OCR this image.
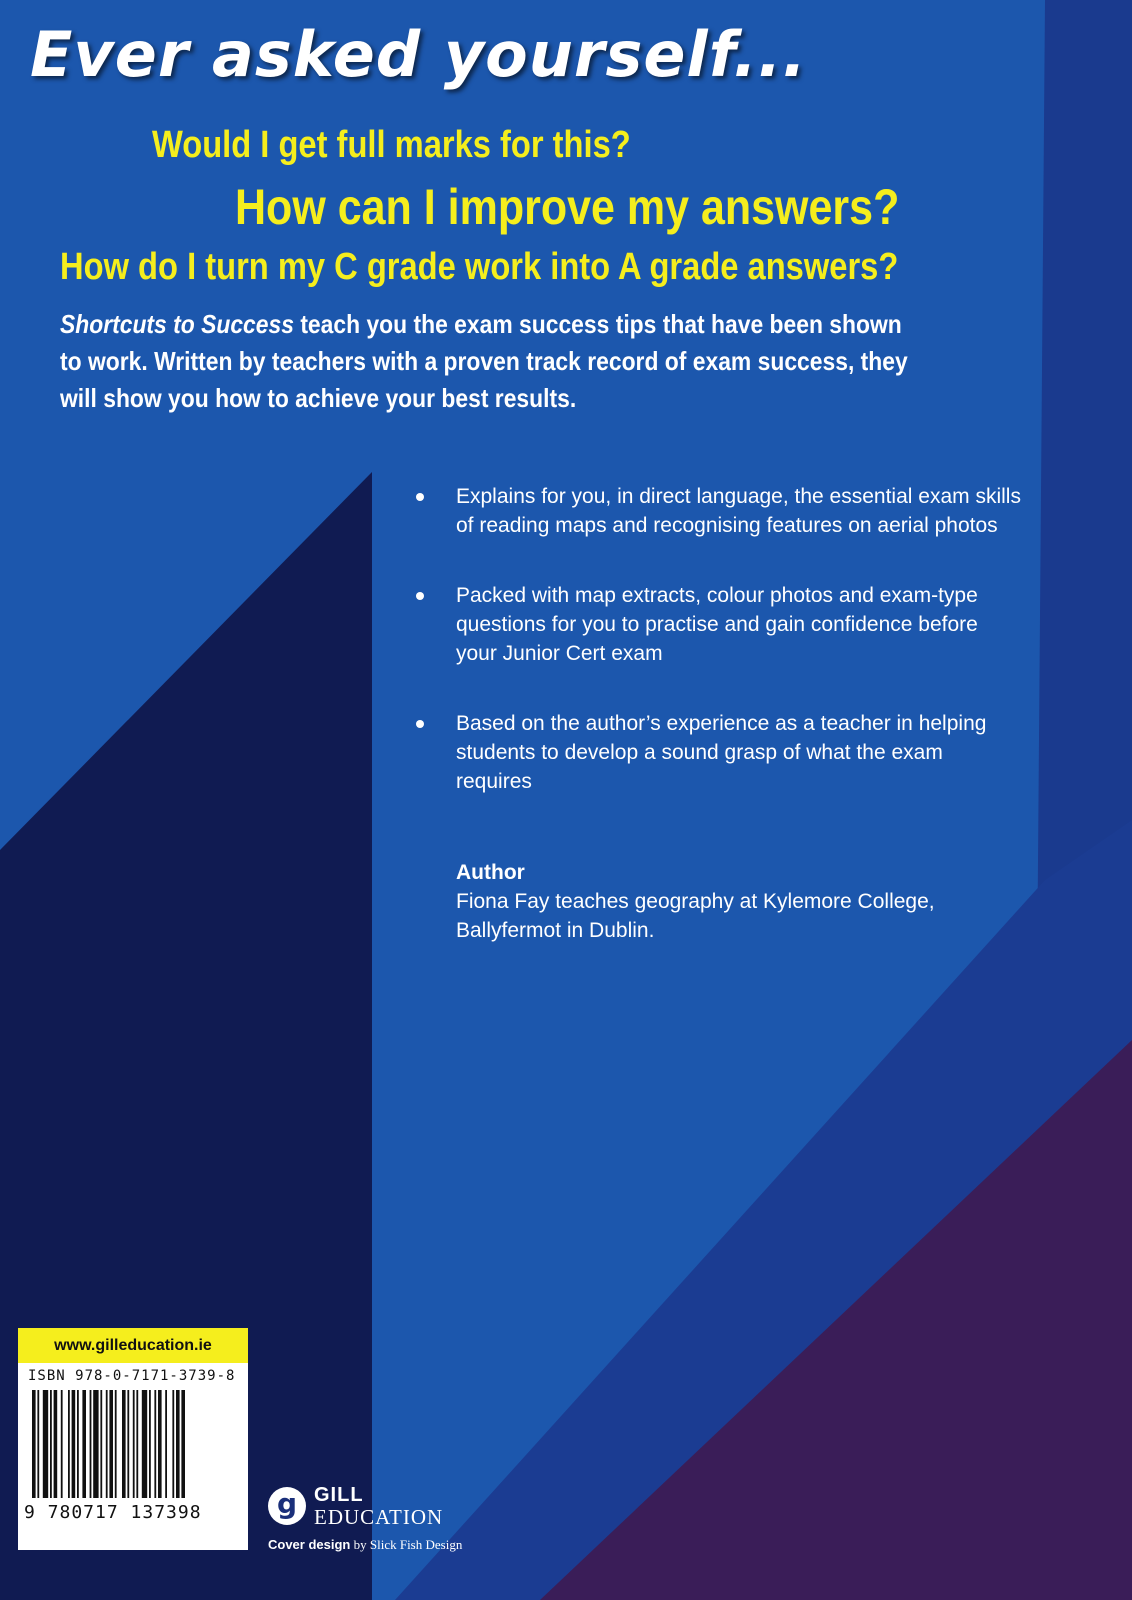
Ever asked yourself...
Would I get full marks for this?
How can I improve my answers?
How do I turn my C grade work into A grade answers?

Shortcuts to Success teach you the exam success tips that have been shown to work. Written by teachers with a proven track record of exam success, they will show you how to achieve your best results.

Explains for you, in direct language, the essential exam skills of reading maps and recognising features on aerial photos
Packed with map extracts, colour photos and exam-type questions for you to practise and gain confidence before your Junior Cert exam
Based on the author’s experience as a teacher in helping students to develop a sound grasp of what the exam requires
Author
Fiona Fay teaches geography at Kylemore College, Ballyfermot in Dublin.
www.gilleducation.ie
ISBN 978-0-7171-3739-8
9 780717 137398	g GILL
EDUCATION
Cover design by Slick Fish Design
